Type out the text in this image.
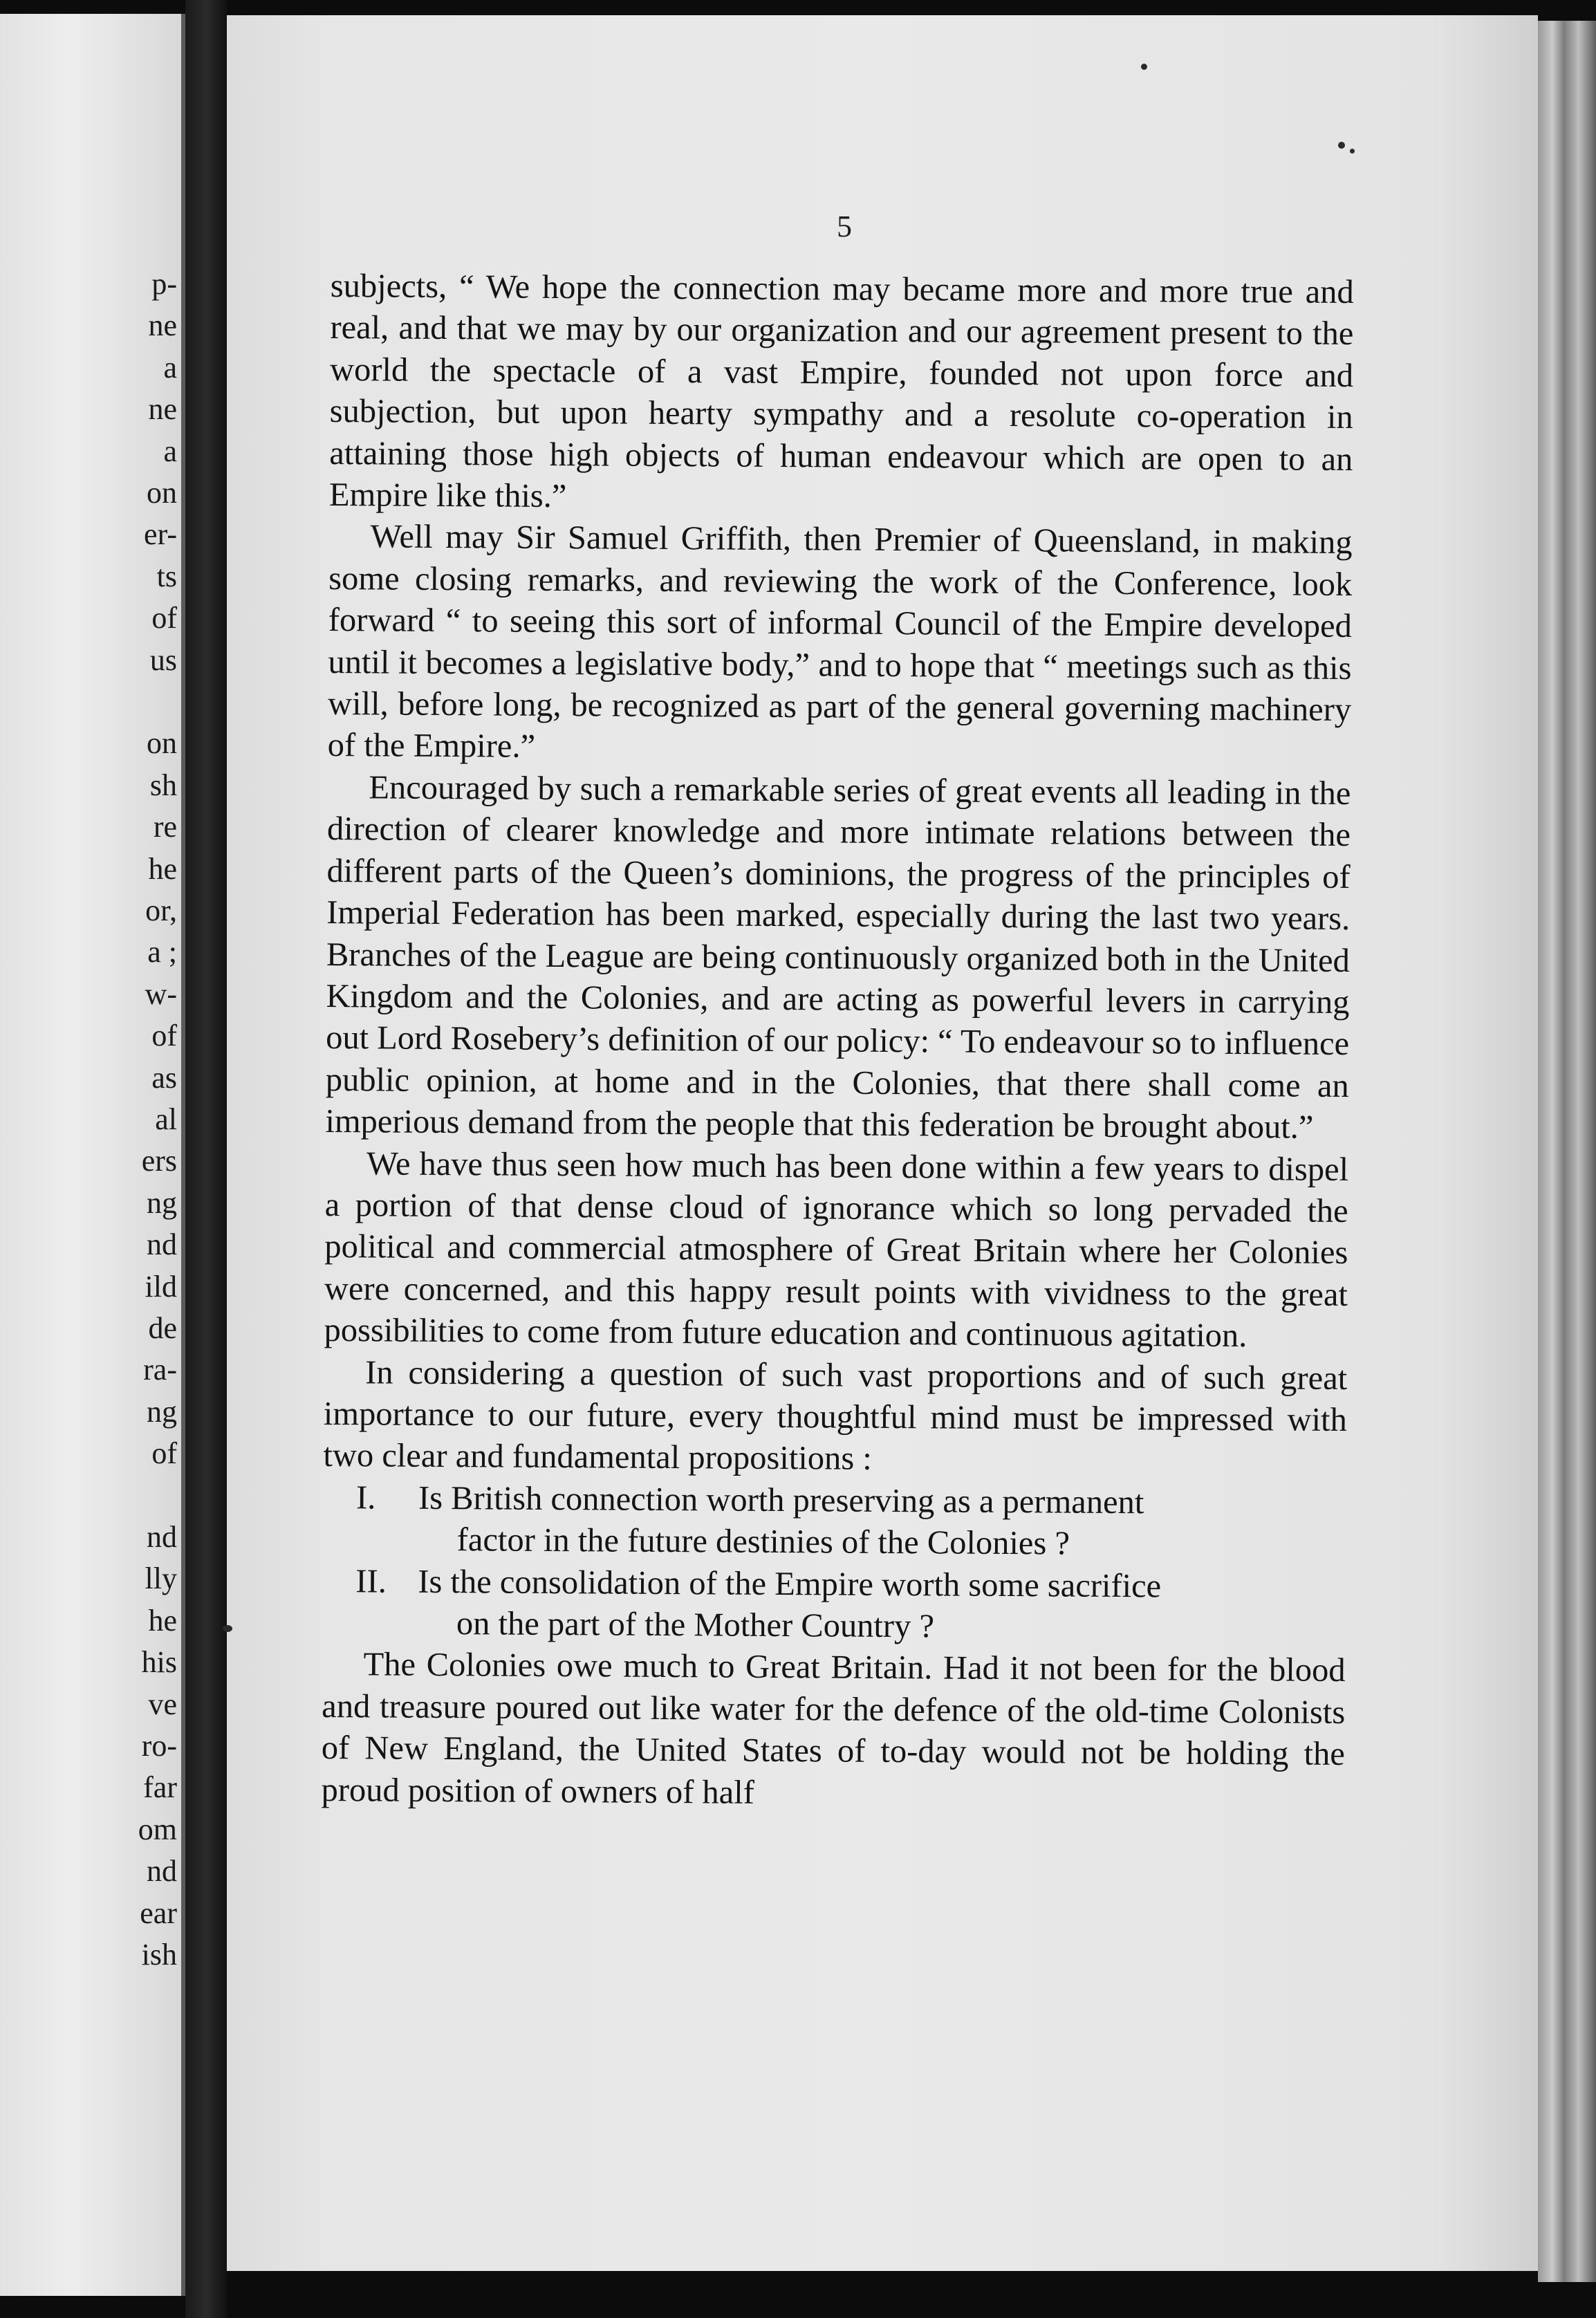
p-
ne
a
ne
a
on
er-
ts
of
us
on
sh
re
he
or,
a ;
w-
of
as
al
ers
ng
nd
ild
de
ra-
ng
of
nd
lly
he
his
ve
ro-
far
om
nd
ear
ish
5

subjects, “ We hope the connection may became more and more true and real, and that we may by our organization and our agreement present to the world the spectacle of a vast Empire, founded not upon force and subjection, but upon hearty sympathy and a resolute co-operation in attaining those high objects of human endeavour which are open to an Empire like this.”

Well may Sir Samuel Griffith, then Premier of Queensland, in making some closing remarks, and reviewing the work of the Conference, look forward “ to seeing this sort of informal Council of the Empire developed until it becomes a legislative body,” and to hope that “ meetings such as this will, before long, be recognized as part of the general governing machinery of the Empire.”

Encouraged by such a remarkable series of great events all leading in the direction of clearer knowledge and more intimate relations between the different parts of the Queen’s dominions, the progress of the principles of Imperial Federation has been marked, especially during the last two years. Branches of the League are being continuously organized both in the United Kingdom and the Colonies, and are acting as powerful levers in carrying out Lord Rosebery’s definition of our policy: “ To endeavour so to influence public opinion, at home and in the Colonies, that there shall come an imperious demand from the people that this federation be brought about.”

We have thus seen how much has been done within a few years to dispel a portion of that dense cloud of ignorance which so long pervaded the political and commercial atmosphere of Great Britain where her Colonies were concerned, and this happy result points with vividness to the great possibilities to come from future education and continuous agitation.

In considering a question of such vast proportions and of such great importance to our future, every thoughtful mind must be impressed with two clear and fundamental propositions :

I.	Is British connection worth preserving as a permanent
factor in the future destinies of the Colonies ?
II. Is the consolidation of the Empire worth some sacrifice
on the part of the Mother Country ?

The Colonies owe much to Great Britain. Had it not been for the blood and treasure poured out like water for the defence of the old-time Colonists of New England, the United States of to-day would not be holding the proud position of owners of half
